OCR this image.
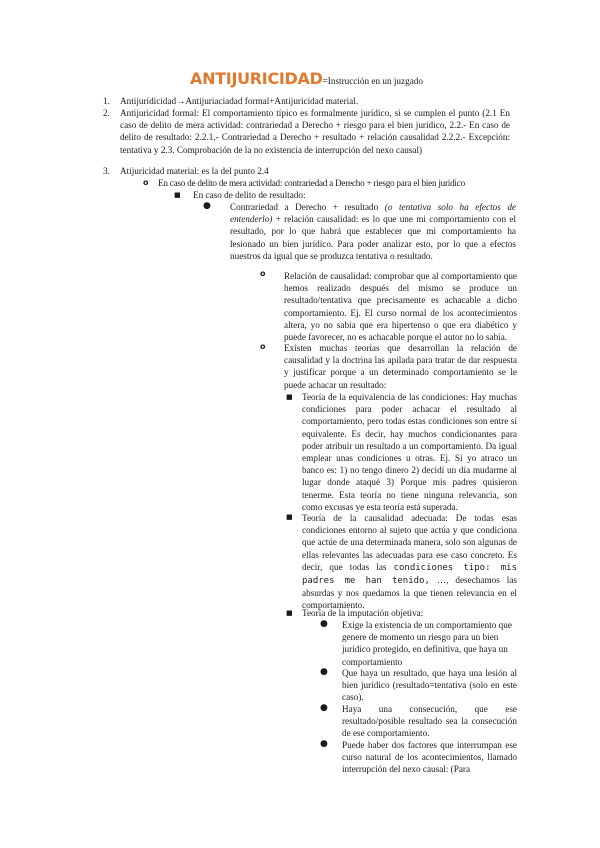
ANTIJURICIDAD=Instrucción en un juzgado
1. Antijurídicidad→Antijuriaciadad formal+Antijuricidad material.
2. Antijuricidad formal: El comportamiento típico es formalmente jurídico, si se cumplen el punto (2.1 En caso de delito de mera actividad: contrariedad a Derecho + riesgo para el bien jurídico, 2.2.- En caso de delito de resultado: 2.2.1.- Contrariedad a Derecho + resultado + relación causalidad 2.2.2.- Excepción: tentativa y 2.3. Comprobación de la no existencia de interrupción del nexo causal)
3. Atijuricidad material: es la del punto 2.4
o En caso de delito de mera actividad: contrariedad a Derecho + riesgo para el bien jurídico
■ En caso de delito de resultado:
● Contrariedad a Derecho + resultado (o tentativa solo ha efectos de entenderlo) + relación causalidad: es lo que une mi comportamiento con el resultado, por lo que habrá que establecer que mi comportamiento ha lesionado un bien jurídico. Para poder analizar esto, por lo que a efectos nuestros da igual que se produzca tentativa o resultado.
o Relación de causalidad: comprobar que al comportamiento que hemos realizado después del mismo se produce un resultado/tentativa que precisamente es achacable a dicho comportamiento. Ej. El curso normal de los acontecimientos altera, yo no sabía que era hipertenso o que era diabético y puede favorecer, no es achacable porque el autor no lo sabía.
o Existen muchas teorías que desarrollan la relación de causalidad y la doctrina las apilada para tratar de dar respuesta y justificar porque a un determinado comportamiento se le puede achacar un resultado:
■ Teoría de la equivalencia de las condiciones: Hay muchas condiciones para poder achacar el resultado al comportamiento, pero todas estas condiciones son entre sí equivalente. Es decir, hay muchos condicionantes para poder atribuir un resultado a un comportamiento. Da igual emplear unas condiciones u otras. Ej. Si yo atraco un banco es: 1) no tengo dinero 2) decidí un día mudarme al lugar donde ataqué 3) Porque mis padres quisieron tenerme. Esta teoría no tiene ninguna relevancia, son como excusas ye esta teoría está superada.
■ Teoría de la causalidad adecuada: De todas esas condiciones entorno al sujeto que actúa y que condiciona que actúe de una determinada manera, solo son algunas de ellas relevantes las adecuadas para ese caso concreto. Es decir, que todas las condiciones tipo: mis padres me han tenido, …, desechamos las absurdas y nos quedamos la que tienen relevancia en el comportamiento.
■ Teoría de la imputación objetiva:
● Exige la existencia de un comportamiento que genere de momento un riesgo para un bien jurídico protegido, en definitiva, que haya un comportamiento
● Que haya un resultado, que haya una lesión al bien jurídico (resultado=tentativa (solo en este caso).
● Haya una consecución, que ese resultado/posible resultado sea la consecución de ese comportamiento.
● Puede haber dos factores que interrumpan ese curso natural de los acontecimientos, llamado interrupción del nexo causal: (Para
